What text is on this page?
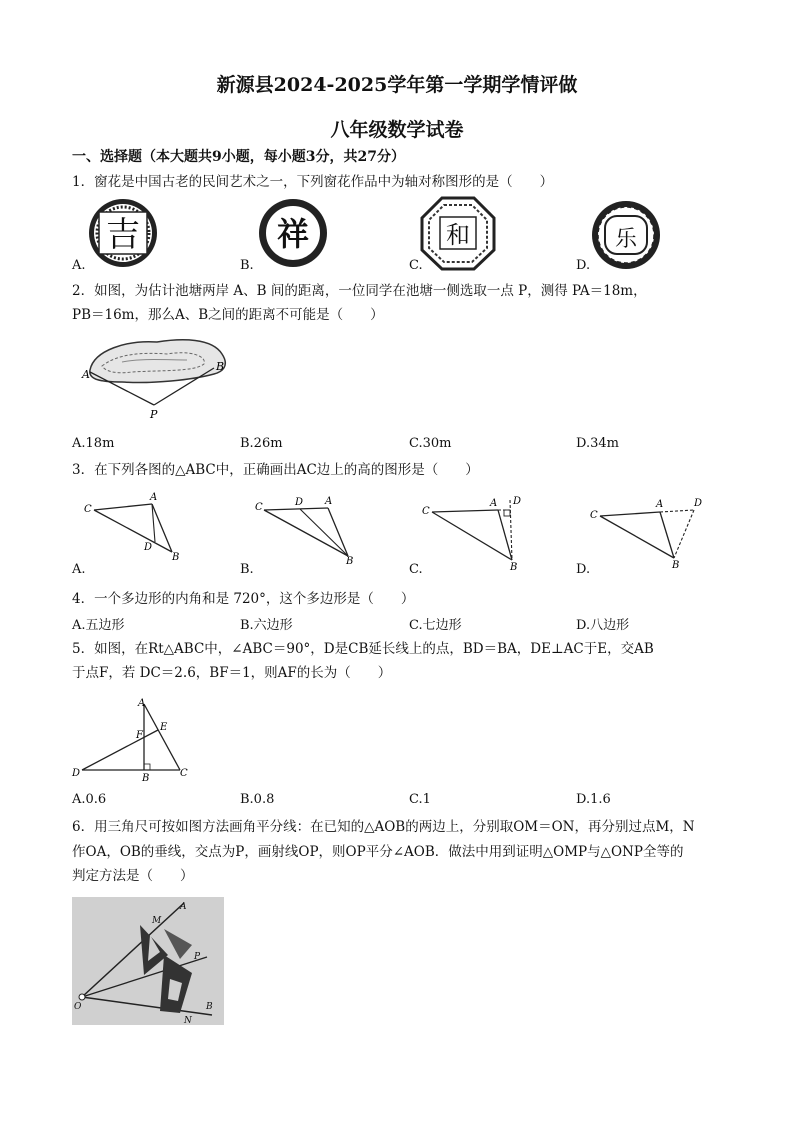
新源县2024-2025学年第一学期学情评做
八年级数学试卷
一、选择题（本大题共9小题，每小题3分，共27分）
1．窗花是中国古老的民间艺术之一，下列窗花作品中为轴对称图形的是（　　）
吉	祥	和	乐
A.	B.	C.	D.
2．如图，为估计池塘两岸 A、B 间的距离，一位同学在池塘一侧选取一点 P，测得 PA＝18m，
PB＝16m，那么A、B之间的距离不可能是（　　）
A
B
P
A.18m	B.26m	C.30m	D.34m
3．在下列各图的△ABC中，正确画出AC边上的高的图形是（　　）
C
A
D
B
C	D A
B
C
A D
B
C
A	D
B
A.	B.	C.	D.
4．一个多边形的内角和是 720°，这个多边形是（　　）
A.五边形	B.六边形	C.七边形	D.八边形
5．如图，在Rt△ABC中，∠ABC＝90°，D是CB延长线上的点，BD＝BA，DE⊥AC于E，交AB
于点F，若 DC＝2.6，BF＝1，则AF的长为（　　）
A
E
F
D	B	C
A.0.6	B.0.8	C.1	D.1.6
6．用三角尺可按如图方法画角平分线：在已知的△AOB的两边上，分别取OM＝ON，再分别过点M，N
作OA，OB的垂线，交点为P，画射线OP，则OP平分∠AOB．做法中用到证明△OMP与△ONP全等的
判定方法是（　　）
M
A
P
O
N
B
